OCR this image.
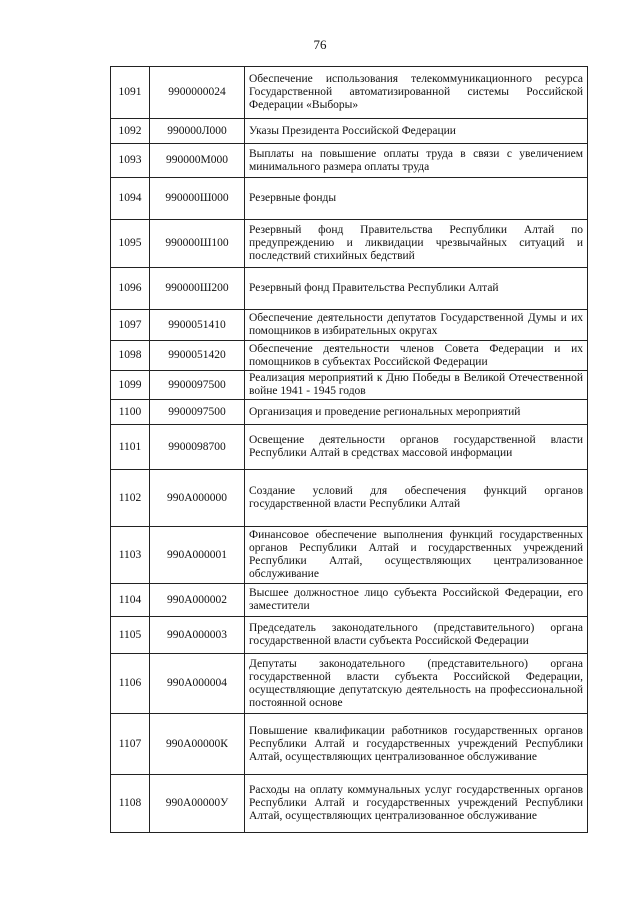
76
1091	9900000024	Обеспечение использования телекоммуникационного ресурса Государственной автоматизированной системы Российской Федерации «Выборы»
1092	990000Л000	Указы Президента Российской Федерации
1093	990000М000	Выплаты на повышение оплаты труда в связи с увеличением минимального размера оплаты труда
1094	990000Ш000	Резервные фонды
1095	990000Ш100	Резервный фонд Правительства Республики Алтай по предупреждению и ликвидации чрезвычайных ситуаций и последствий стихийных бедствий
1096	990000Ш200	Резервный фонд Правительства Республики Алтай
1097	9900051410	Обеспечение деятельности депутатов Государственной Думы и их помощников в избирательных округах
1098	9900051420	Обеспечение деятельности членов Совета Федерации и их помощников в субъектах Российской Федерации
1099	9900097500	Реализация мероприятий к Дню Победы в Великой Отечественной войне 1941 - 1945 годов
1100	9900097500	Организация и проведение региональных мероприятий
1101	9900098700	Освещение деятельности органов государственной власти Республики Алтай в средствах массовой информации
1102	990А000000	Создание условий для обеспечения функций органов государственной власти Республики Алтай
1103	990А000001	Финансовое обеспечение выполнения функций государственных органов Республики Алтай и государственных учреждений Республики Алтай, осуществляющих централизованное обслуживание
1104	990А000002	Высшее должностное лицо субъекта Российской Федерации, его заместители
1105	990А000003	Председатель законодательного (представительного) органа государственной власти субъекта Российской Федерации
1106	990А000004	Депутаты законодательного (представительного) органа государственной власти субъекта Российской Федерации, осуществляющие депутатскую деятельность на профессиональной постоянной основе
1107	990А00000К	Повышение квалификации работников государственных органов Республики Алтай и государственных учреждений Республики Алтай, осуществляющих централизованное обслуживание
1108	990А00000У	Расходы на оплату коммунальных услуг государственных органов Республики Алтай и государственных учреждений Республики Алтай, осуществляющих централизованное обслуживание
